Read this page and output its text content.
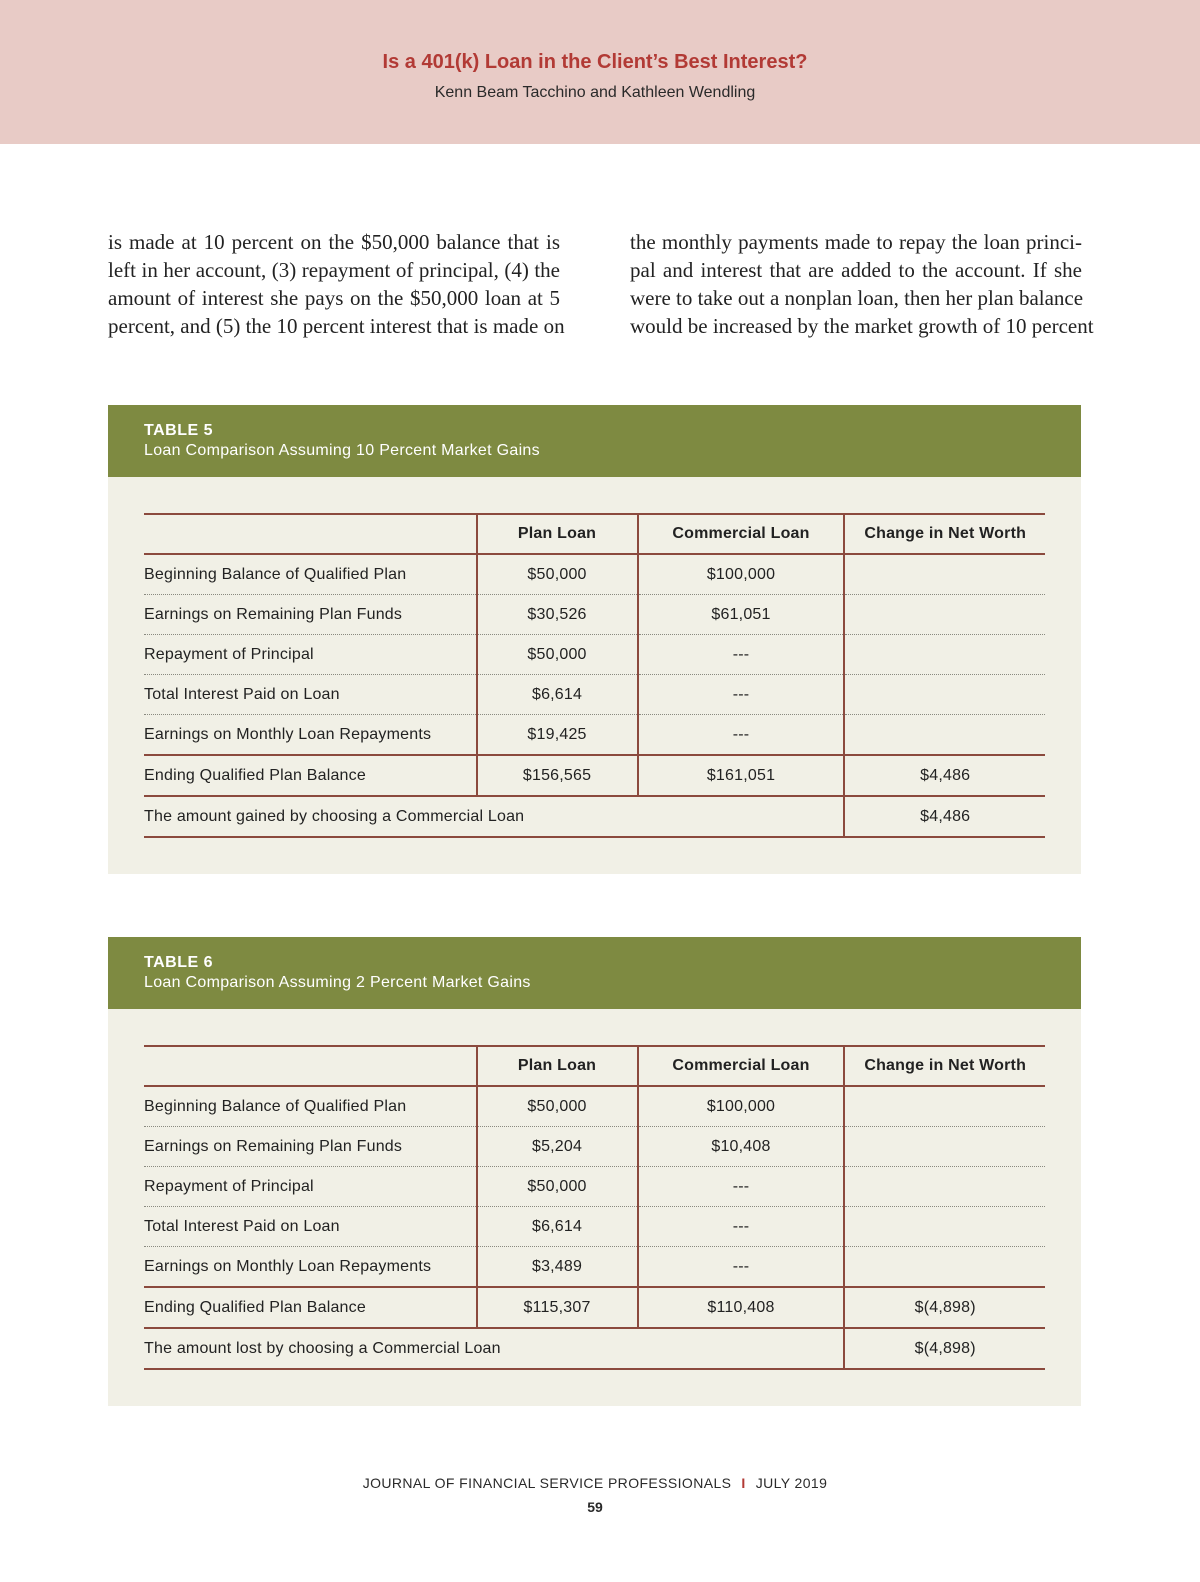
Is a 401(k) Loan in the Client’s Best Interest?
Kenn Beam Tacchino and Kathleen Wendling
is made at 10 percent on the $50,000 balance that is
left in her account, (3) repayment of principal, (4) the
amount of interest she pays on the $50,000 loan at 5
percent, and (5) the 10 percent interest that is made on
the monthly payments made to repay the loan princi-
pal and interest that are added to the account. If she
were to take out a nonplan loan, then her plan balance
would be increased by the market growth of 10 percent
TABLE 5
Loan Comparison Assuming 10 Percent Market Gains
	Plan Loan	Commercial Loan	Change in Net Worth
Beginning Balance of Qualified Plan	$50,000	$100,000	
Earnings on Remaining Plan Funds	$30,526	$61,051	
Repayment of Principal	$50,000	---	
Total Interest Paid on Loan	$6,614	---	
Earnings on Monthly Loan Repayments	$19,425	---	
Ending Qualified Plan Balance	$156,565	$161,051	$4,486
The amount gained by choosing a Commercial Loan			$4,486
TABLE 6
Loan Comparison Assuming 2 Percent Market Gains
	Plan Loan	Commercial Loan	Change in Net Worth
Beginning Balance of Qualified Plan	$50,000	$100,000	
Earnings on Remaining Plan Funds	$5,204	$10,408	
Repayment of Principal	$50,000	---	
Total Interest Paid on Loan	$6,614	---	
Earnings on Monthly Loan Repayments	$3,489	---	
Ending Qualified Plan Balance	$115,307	$110,408	$(4,898)
The amount lost by choosing a Commercial Loan			$(4,898)
JOURNAL OF FINANCIAL SERVICE PROFESSIONALS I JULY 2019
59
